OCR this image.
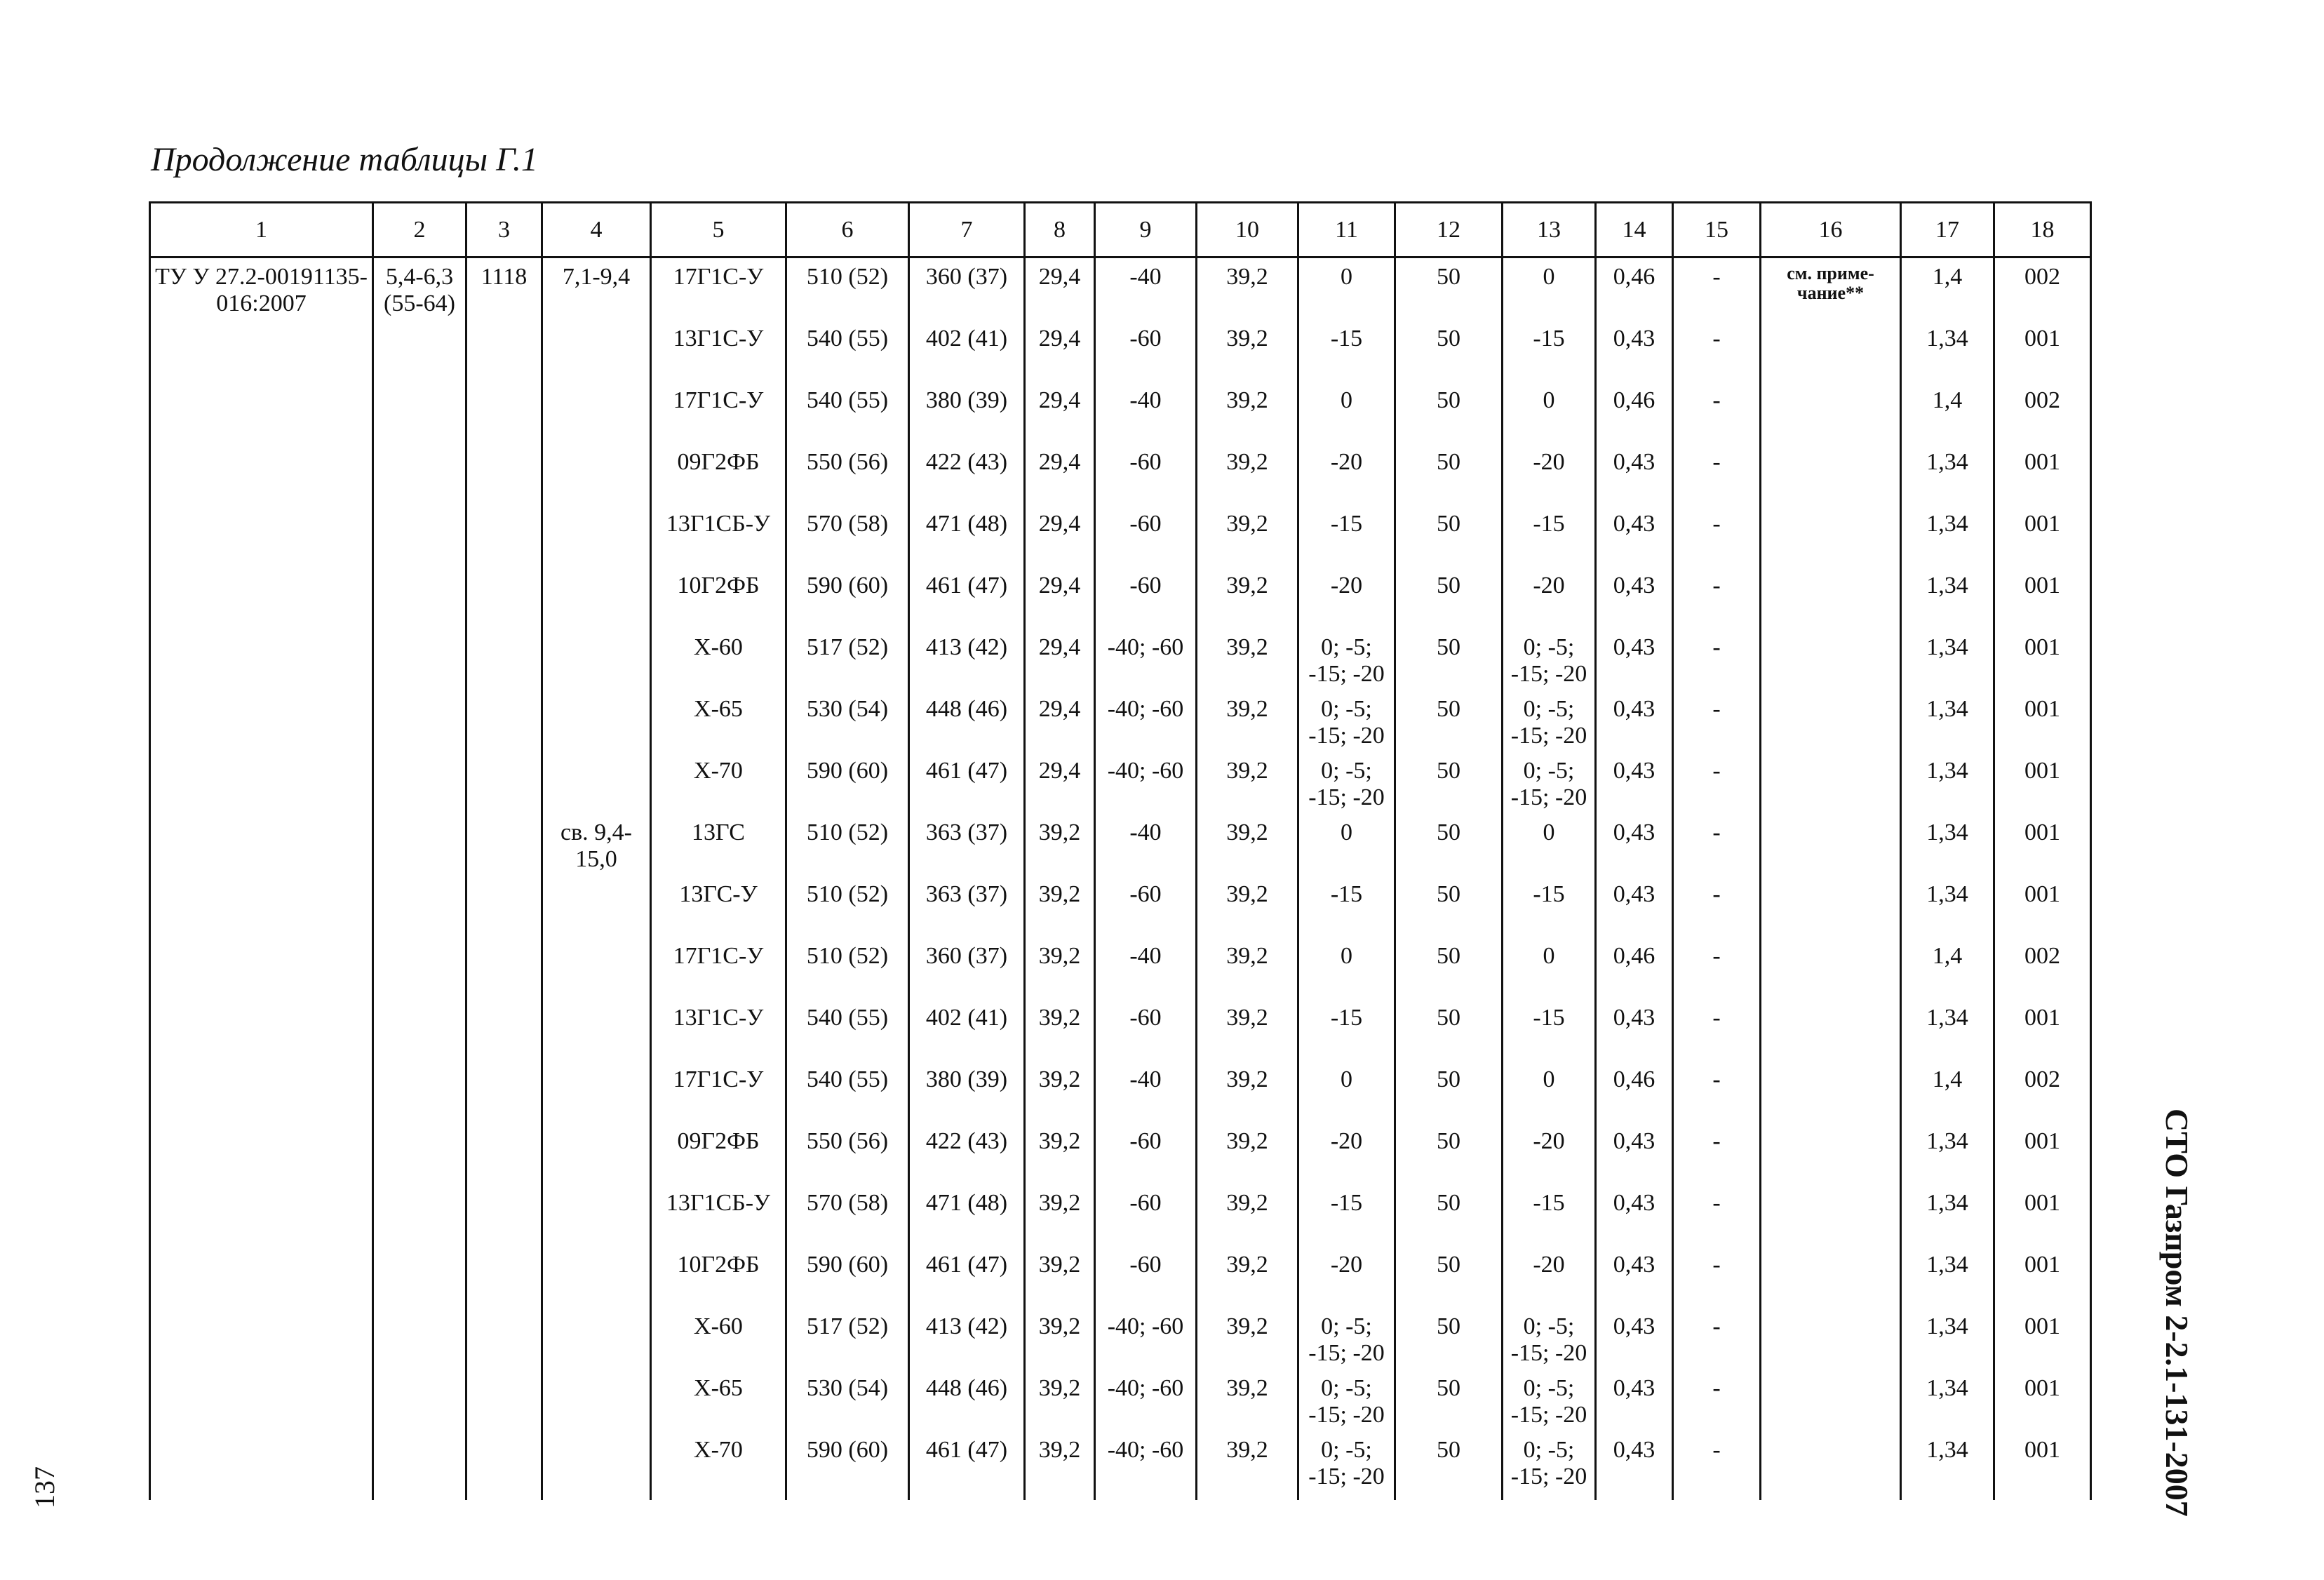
Продолжение таблицы Г.1
1	2	3	4	5	6	7	8	9	10	11	12	13	14	15	16	17	18
ТУ У 27.2-00191135-016:2007	5,4-6,3 (55-64)	1118	7,1-9,4	17Г1С-У	510 (52)	360 (37)	29,4	-40	39,2	0	50	0	0,46	-	см. приме-чание**	1,4	002
				13Г1С-У	540 (55)	402 (41)	29,4	-60	39,2	-15	50	-15	0,43	-		1,34	001
				17Г1С-У	540 (55)	380 (39)	29,4	-40	39,2	0	50	0	0,46	-		1,4	002
				09Г2ФБ	550 (56)	422 (43)	29,4	-60	39,2	-20	50	-20	0,43	-		1,34	001
				13Г1СБ-У	570 (58)	471 (48)	29,4	-60	39,2	-15	50	-15	0,43	-		1,34	001
				10Г2ФБ	590 (60)	461 (47)	29,4	-60	39,2	-20	50	-20	0,43	-		1,34	001
				X-60	517 (52)	413 (42)	29,4	-40; -60	39,2	0; -5; -15; -20	50	0; -5; -15; -20	0,43	-		1,34	001
				X-65	530 (54)	448 (46)	29,4	-40; -60	39,2	0; -5; -15; -20	50	0; -5; -15; -20	0,43	-		1,34	001
				X-70	590 (60)	461 (47)	29,4	-40; -60	39,2	0; -5; -15; -20	50	0; -5; -15; -20	0,43	-		1,34	001
			св. 9,4-15,0	13ГС	510 (52)	363 (37)	39,2	-40	39,2	0	50	0	0,43	-		1,34	001
				13ГС-У	510 (52)	363 (37)	39,2	-60	39,2	-15	50	-15	0,43	-		1,34	001
				17Г1С-У	510 (52)	360 (37)	39,2	-40	39,2	0	50	0	0,46	-		1,4	002
				13Г1С-У	540 (55)	402 (41)	39,2	-60	39,2	-15	50	-15	0,43	-		1,34	001
				17Г1С-У	540 (55)	380 (39)	39,2	-40	39,2	0	50	0	0,46	-		1,4	002
				09Г2ФБ	550 (56)	422 (43)	39,2	-60	39,2	-20	50	-20	0,43	-		1,34	001
				13Г1СБ-У	570 (58)	471 (48)	39,2	-60	39,2	-15	50	-15	0,43	-		1,34	001
				10Г2ФБ	590 (60)	461 (47)	39,2	-60	39,2	-20	50	-20	0,43	-		1,34	001
				X-60	517 (52)	413 (42)	39,2	-40; -60	39,2	0; -5; -15; -20	50	0; -5; -15; -20	0,43	-		1,34	001
				X-65	530 (54)	448 (46)	39,2	-40; -60	39,2	0; -5; -15; -20	50	0; -5; -15; -20	0,43	-		1,34	001
				X-70	590 (60)	461 (47)	39,2	-40; -60	39,2	0; -5; -15; -20	50	0; -5; -15; -20	0,43	-		1,34	001	СТО Газпром 2-2.1-131-2007
137
